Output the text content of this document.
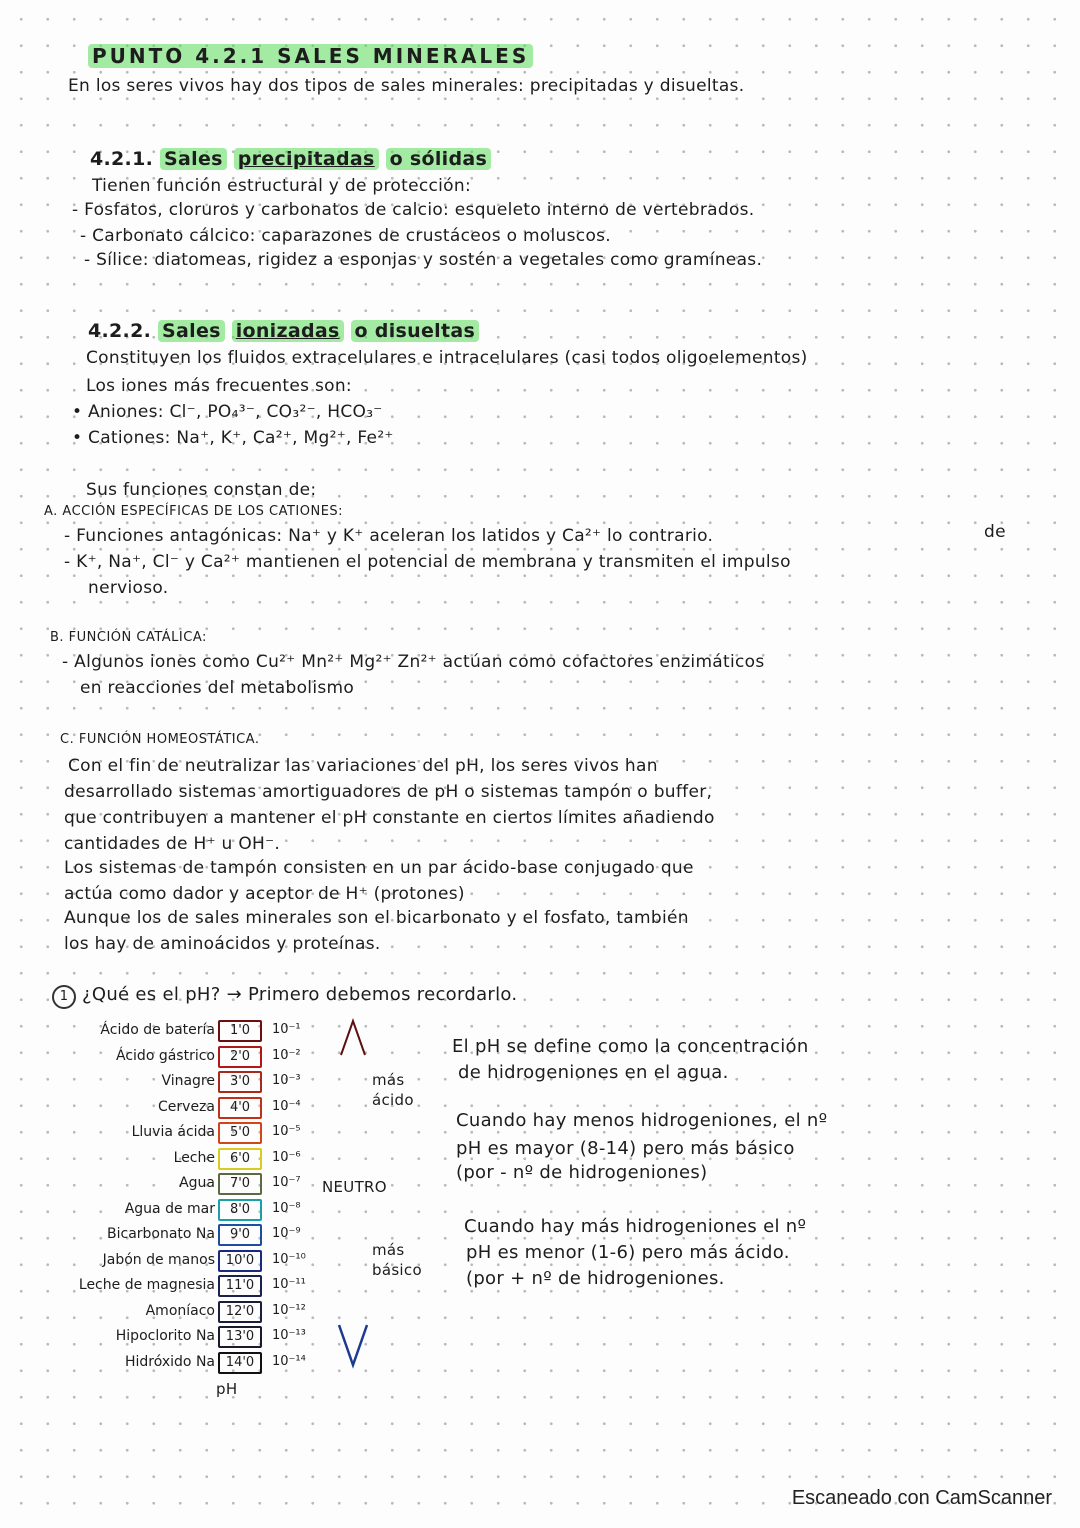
PUNTO 4.2.1 SALES MINERALES
En los seres vivos hay dos tipos de sales minerales: precipitadas y disueltas.
4.2.1. Sales precipitadas o sólidas
Tienen función estructural y de protección:
- Fosfatos, cloruros y carbonatos de calcio: esqueleto interno de vertebrados.
- Carbonato cálcico: caparazones de crustáceos o moluscos.
- Sílice: diatomeas, rigidez a esponjas y sostén a vegetales como gramíneas.
4.2.2. Sales ionizadas o disueltas
Constituyen los fluidos extracelulares e intracelulares (casi todos oligoelementos)
Los iones más frecuentes son:
• Aniones: Cl⁻, PO₄³⁻, CO₃²⁻, HCO₃⁻
• Cationes: Na⁺, K⁺, Ca²⁺, Mg²⁺, Fe²⁺
Sus funciones constan de:
A. ACCIÓN ESPECÍFICAS DE LOS CATIONES:
- Funciones antagónicas: Na⁺ y K⁺ aceleran los latidos y Ca²⁺ lo contrario.	de
- K⁺, Na⁺, Cl⁻ y Ca²⁺ mantienen el potencial de membrana y transmiten el impulso
nervioso.
B. FUNCIÓN CATÁLICA:
- Algunos iones como Cu²⁺ Mn²⁺ Mg²⁺ Zn²⁺ actúan como cofactores enzimáticos
en reacciones del metabolismo
C. FUNCIÓN HOMEOSTÁTICA.
Con el fin de neutralizar las variaciones del pH, los seres vivos han
desarrollado sistemas amortiguadores de pH o sistemas tampón o buffer,
que contribuyen a mantener el pH constante en ciertos límites añadiendo
cantidades de H⁺ u OH⁻.
Los sistemas de tampón consisten en un par ácido-base conjugado que
actúa como dador y aceptor de H⁺ (protones)
Aunque los de sales minerales son el bicarbonato y el fosfato, también
los hay de aminoácidos y proteínas.
1 ¿Qué es el pH? → Primero debemos recordarlo.
Ácido de batería	1'0	10⁻¹
Ácido gástrico	2'0	10⁻²
Vinagre	3'0	10⁻³
Cerveza	4'0	10⁻⁴
Lluvia ácida	5'0	10⁻⁵
Leche	6'0	10⁻⁶
Agua	7'0	10⁻⁷
Agua de mar	8'0	10⁻⁸
Bicarbonato Na	9'0	10⁻⁹
Jabón de manos 10'0	10⁻¹⁰
Leche de magnesia 11'0	10⁻¹¹
Amoníaco 12'0	10⁻¹²
Hipoclorito Na 13'0	10⁻¹³
Hidróxido Na 14'0	10⁻¹⁴
NEUTRO
pH
más ácido
más básico
El pH se define como la concentración
de hidrogeniones en el agua.
Cuando hay menos hidrogeniones, el nº
pH es mayor (8-14) pero más básico
(por - nº de hidrogeniones)
Cuando hay más hidrogeniones el nº
pH es menor (1-6) pero más ácido.
(por + nº de hidrogeniones.
Escaneado con CamScanner
